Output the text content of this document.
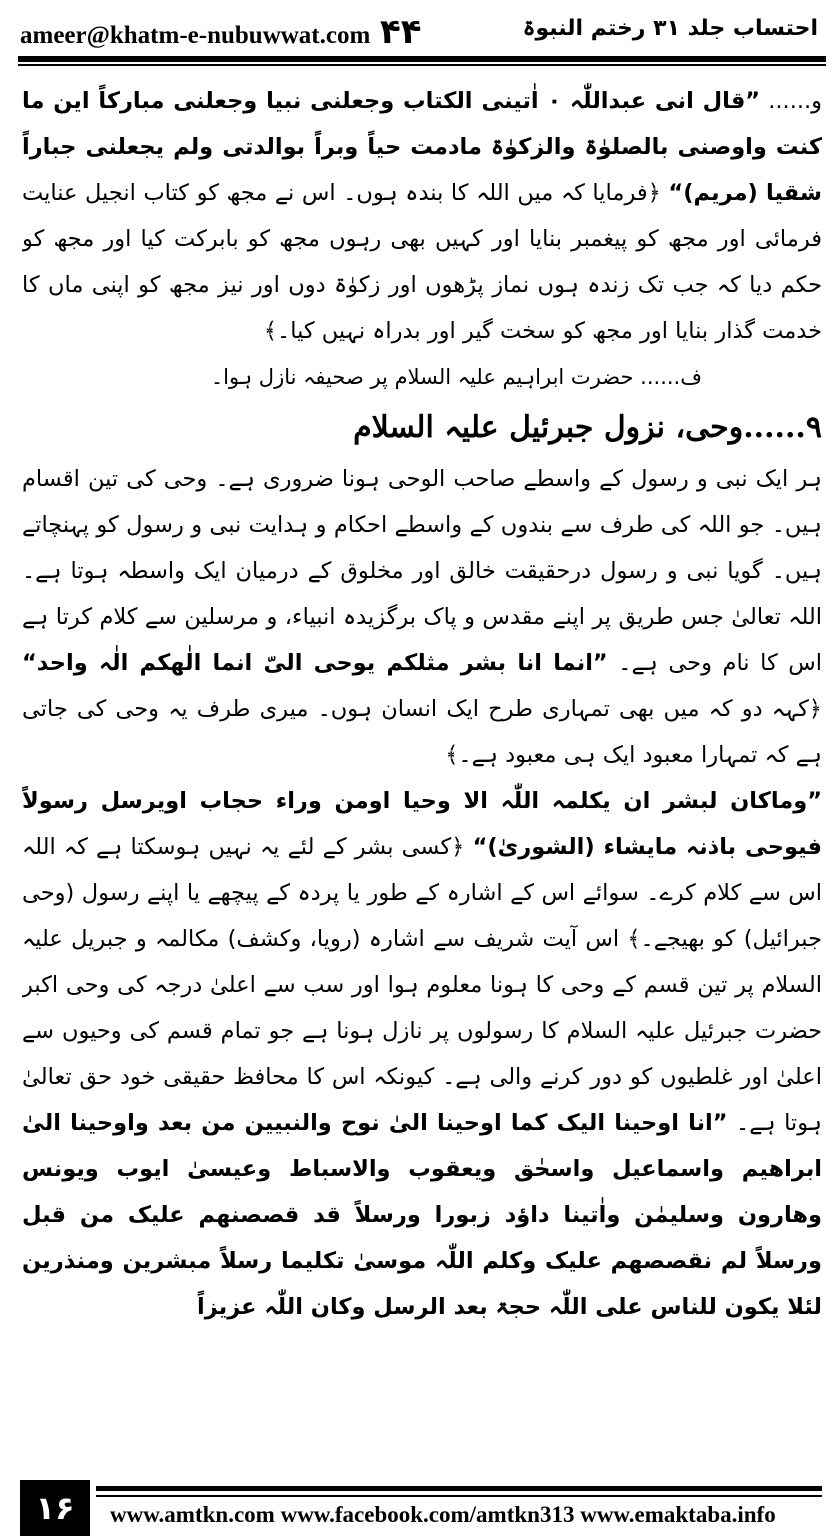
ameer@khatm-e-nubuwwat.com ۴۴	احتساب جلد ۳۱ رختم النبوۃ

و...... ”قال انی عبداللّٰہ ۰ اٰتینی الکتاب وجعلنی نبیا وجعلنی مبارکاً این ما کنت واوصنی بالصلوٰۃ والزکوٰۃ مادمت حیاً وبراً بوالدتی ولم یجعلنی جباراً شقیا (مریم)“ ﴿فرمایا کہ میں اللہ کا بندہ ہوں۔ اس نے مجھ کو کتاب انجیل عنایت فرمائی اور مجھ کو پیغمبر بنایا اور کہیں بھی رہوں مجھ کو بابرکت کیا اور مجھ کو حکم دیا کہ جب تک زندہ ہوں نماز پڑھوں اور زکوٰۃ دوں اور نیز مجھ کو اپنی ماں کا خدمت گذار بنایا اور مجھ کو سخت گیر اور بدراہ نہیں کیا۔﴾

ف...... حضرت ابراہیم علیہ السلام پر صحیفہ نازل ہوا۔

۹......وحی، نزول جبرئیل علیہ السلام

ہر ایک نبی و رسول کے واسطے صاحب الوحی ہونا ضروری ہے۔ وحی کی تین اقسام ہیں۔ جو اللہ کی طرف سے بندوں کے واسطے احکام و ہدایت نبی و رسول کو پہنچاتے ہیں۔ گویا نبی و رسول درحقیقت خالق اور مخلوق کے درمیان ایک واسطہ ہوتا ہے۔ اللہ تعالیٰ جس طریق پر اپنے مقدس و پاک برگزیدہ انبیاء، و مرسلین سے کلام کرتا ہے اس کا نام وحی ہے۔ ”انما انا بشر مثلکم یوحی الیّ انما الٰھکم الٰہ واحد“ ﴿کہہ دو کہ میں بھی تمہاری طرح ایک انسان ہوں۔ میری طرف یہ وحی کی جاتی ہے کہ تمہارا معبود ایک ہی معبود ہے۔﴾

”وماکان لبشر ان یکلمہ اللّٰہ الا وحیا اومن وراء حجاب اویرسل رسولاً فیوحی باذنہ مایشاء (الشوریٰ)“ ﴿کسی بشر کے لئے یہ نہیں ہوسکتا ہے کہ اللہ اس سے کلام کرے۔ سوائے اس کے اشارہ کے طور یا پردہ کے پیچھے یا اپنے رسول (وحی جبرائیل) کو بھیجے۔﴾ اس آیت شریف سے اشارہ (رویا، وکشف) مکالمہ و جبریل علیہ السلام پر تین قسم کے وحی کا ہونا معلوم ہوا اور سب سے اعلیٰ درجہ کی وحی اکبر حضرت جبرئیل علیہ السلام کا رسولوں پر نازل ہونا ہے جو تمام قسم کی وحیوں سے اعلیٰ اور غلطیوں کو دور کرنے والی ہے۔ کیونکہ اس کا محافظ حقیقی خود حق تعالیٰ ہوتا ہے۔ ”انا اوحینا الیک کما اوحینا الیٰ نوح والنبیین من بعد واوحینا الیٰ ابراھیم واسماعیل واسحٰق ویعقوب والاسباط وعیسیٰ ایوب ویونس وھارون وسلیمٰن واٰتینا داؤد زبورا ورسلاً قد قصصنھم علیک من قبل ورسلاً لم نقصصھم علیک وکلم اللّٰہ موسیٰ تکلیما رسلاً مبشرین ومنذرین لئلا یکون للناس علی اللّٰہ حجۃ بعد الرسل وکان اللّٰہ عزیزاً

۱۶	www.amtkn.com www.facebook.com/amtkn313 www.emaktaba.info
